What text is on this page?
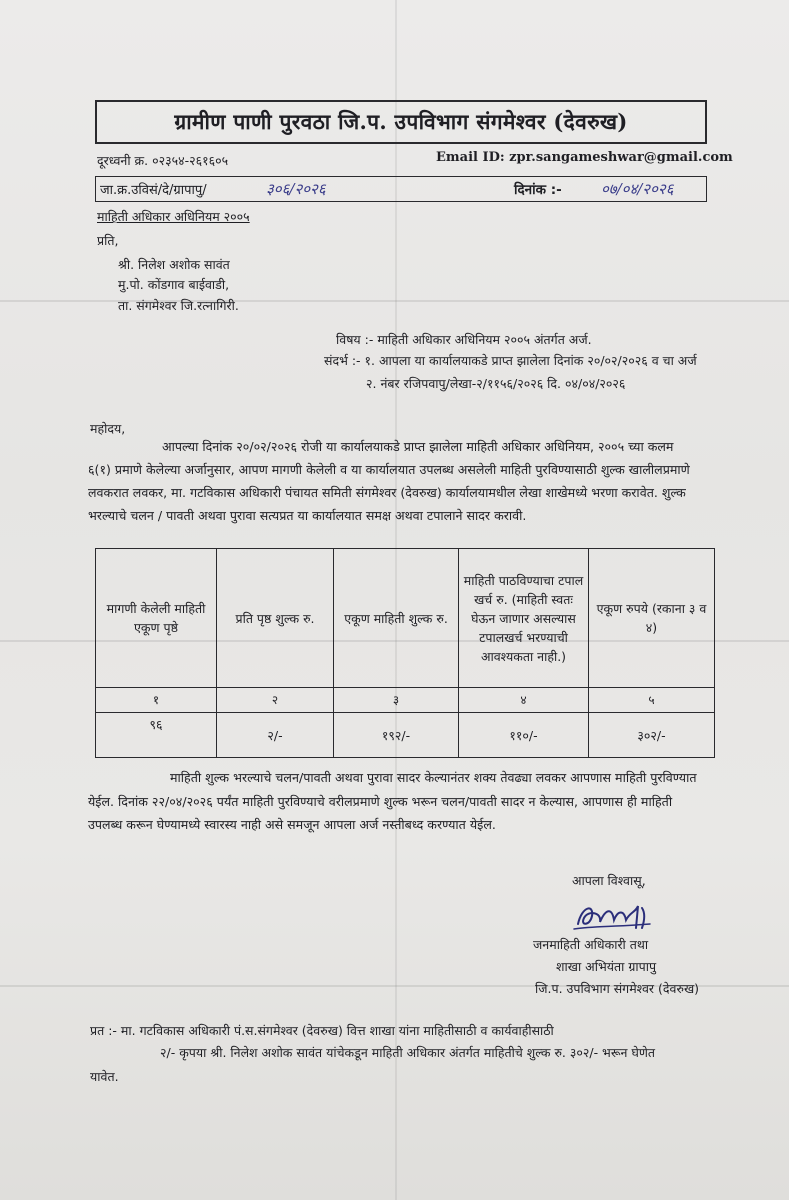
ग्रामीण पाणी पुरवठा जि.प. उपविभाग संगमेश्वर (देवरुख)
दूरध्वनी क्र. ०२३५४-२६१६०५	Email ID: zpr.sangameshwar@gmail.com
जा.क्र.उविसं/दे/ग्रापापु/	३०६/२०२६	दिनांक :-	०७/०४/२०२६
माहिती अधिकार अधिनियम २००५
प्रति,
श्री. निलेश अशोक सावंत
मु.पो. कोंडगाव बाईवाडी,
ता. संगमेश्वर जि.रत्नागिरी.
विषय :- माहिती अधिकार अधिनियम २००५ अंतर्गत अर्ज.
संदर्भ :- १. आपला या कार्यालयाकडे प्राप्त झालेला दिनांक २०/०२/२०२६ व चा अर्ज
२. नंबर रजिपवापु/लेखा-२/११५६/२०२६ दि. ०४/०४/२०२६
महोदय,
आपल्या दिनांक २०/०२/२०२६ रोजी या कार्यालयाकडे प्राप्त झालेला माहिती अधिकार अधिनियम, २००५ च्या कलम
६(१) प्रमाणे केलेल्या अर्जानुसार, आपण मागणी केलेली व या कार्यालयात उपलब्ध असलेली माहिती पुरविण्यासाठी शुल्क खालीलप्रमाणे
लवकरात लवकर, मा. गटविकास अधिकारी पंचायत समिती संगमेश्वर (देवरुख) कार्यालयामधील लेखा शाखेमध्ये भरणा करावेत. शुल्क
भरल्याचे चलन / पावती अथवा पुरावा सत्यप्रत या कार्यालयात समक्ष अथवा टपालाने सादर करावी.
मागणी केलेली माहिती एकूण पृष्ठे	प्रति पृष्ठ शुल्क रु.	एकूण माहिती शुल्क रु.	माहिती पाठविण्याचा टपाल खर्च रु. (माहिती स्वतः घेऊन जाणार असल्यास टपालखर्च भरण्याची आवश्यकता नाही.)	एकूण रुपये (रकाना ३ व ४)
१	२	३	४	५
९६	२/-	१९२/-	११०/-	३०२/-
माहिती शुल्क भरल्याचे चलन/पावती अथवा पुरावा सादर केल्यानंतर शक्य तेवढ्या लवकर आपणास माहिती पुरविण्यात
येईल. दिनांक २२/०४/२०२६ पर्यंत माहिती पुरविण्याचे वरीलप्रमाणे शुल्क भरून चलन/पावती सादर न केल्यास, आपणास ही माहिती
उपलब्ध करून घेण्यामध्ये स्वारस्य नाही असे समजून आपला अर्ज नस्तीबध्द करण्यात येईल.
आपला विश्वासू,
जनमाहिती अधिकारी तथा
शाखा अभियंता ग्रापापु
जि.प. उपविभाग संगमेश्वर (देवरुख)
प्रत :- मा. गटविकास अधिकारी पं.स.संगमेश्वर (देवरुख) वित्त शाखा यांना माहितीसाठी व कार्यवाहीसाठी
२/- कृपया श्री. निलेश अशोक सावंत यांचेकडून माहिती अधिकार अंतर्गत माहितीचे शुल्क रु. ३०२/- भरून घेणेत
यावेत.
